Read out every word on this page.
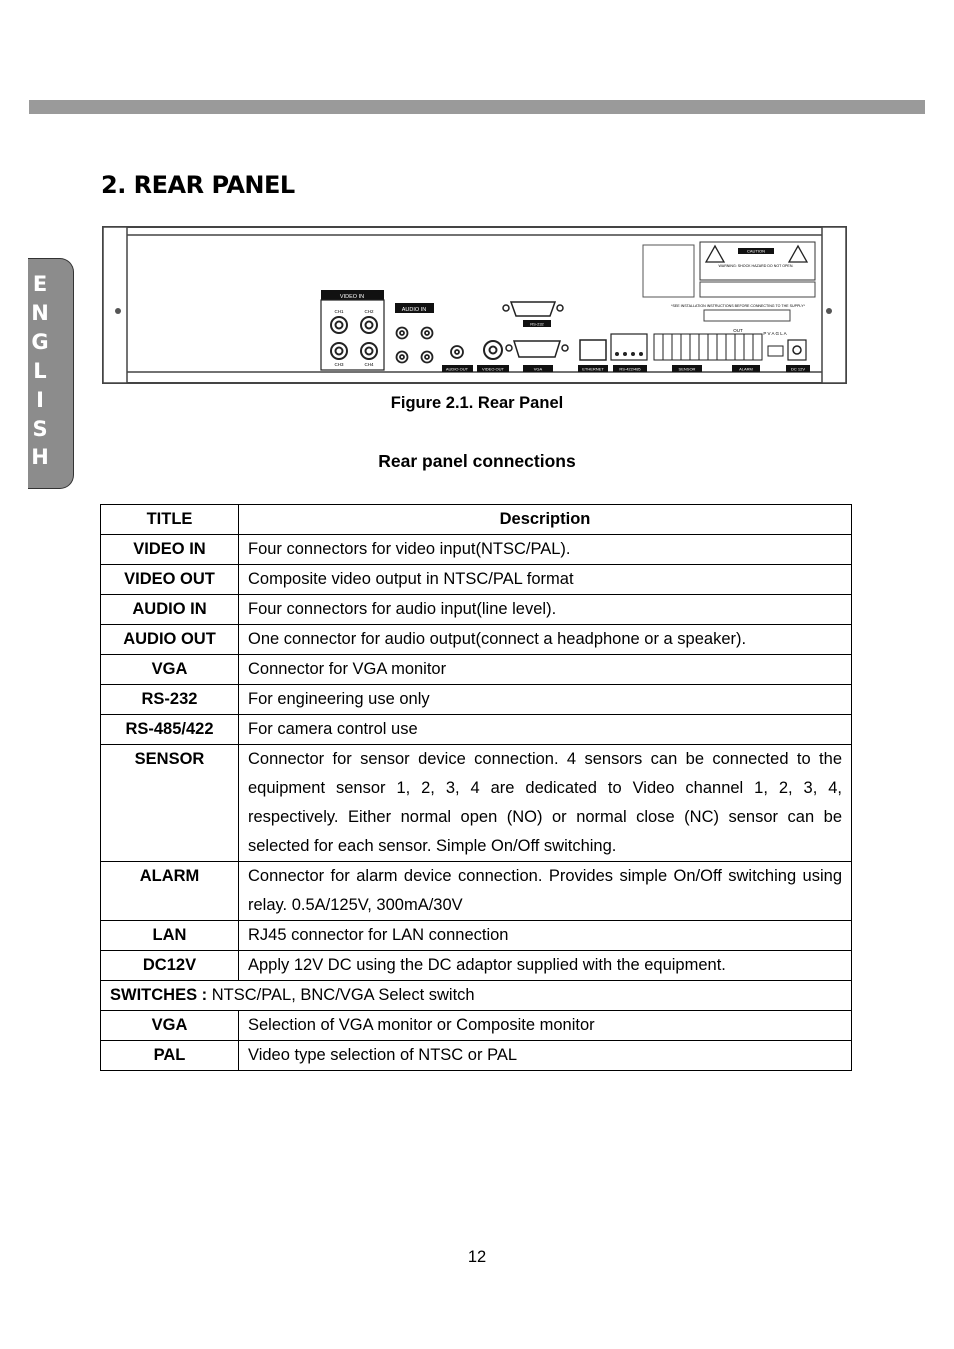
E
N
G
L
I
S
H
2. REAR PANEL
VIDEO IN
CH1	CH2
CH3	CH4
AUDIO IN
AUDIO OUT	VIDEO OUT
RS-232
VGA	ETHERNET	RS-422/485
OUT
SENSOR	ALARM
P V A G L A
DC 12V
CAUTION
WARNING: SHOCK HAZARD DO NOT OPEN.
*SEE INSTALLATION INSTRUCTIONS BEFORE CONNECTING TO THE SUPPLY*
Figure 2.1. Rear Panel
Rear panel connections
TITLE	Description
VIDEO IN	Four connectors for video input(NTSC/PAL).
VIDEO OUT	Composite video output in NTSC/PAL format
AUDIO IN	Four connectors for audio input(line level).
AUDIO OUT	One connector for audio output(connect a headphone or a speaker).
VGA	Connector for VGA monitor
RS-232	For engineering use only
RS-485/422	For camera control use
SENSOR	Connector for sensor device connection. 4 sensors can be connected to the equipment sensor 1, 2, 3, 4 are dedicated to Video channel 1, 2, 3, 4, respectively. Either normal open (NO) or normal close (NC) sensor can be selected for each sensor. Simple On/Off switching.
ALARM	Connector for alarm device connection. Provides simple On/Off switching using relay. 0.5A/125V, 300mA/30V
LAN	RJ45 connector for LAN connection
DC12V	Apply 12V DC using the DC adaptor supplied with the equipment.
SWITCHES : NTSC/PAL, BNC/VGA Select switch	
VGA	Selection of VGA monitor or Composite monitor
PAL	Video type selection of NTSC or PAL
12
